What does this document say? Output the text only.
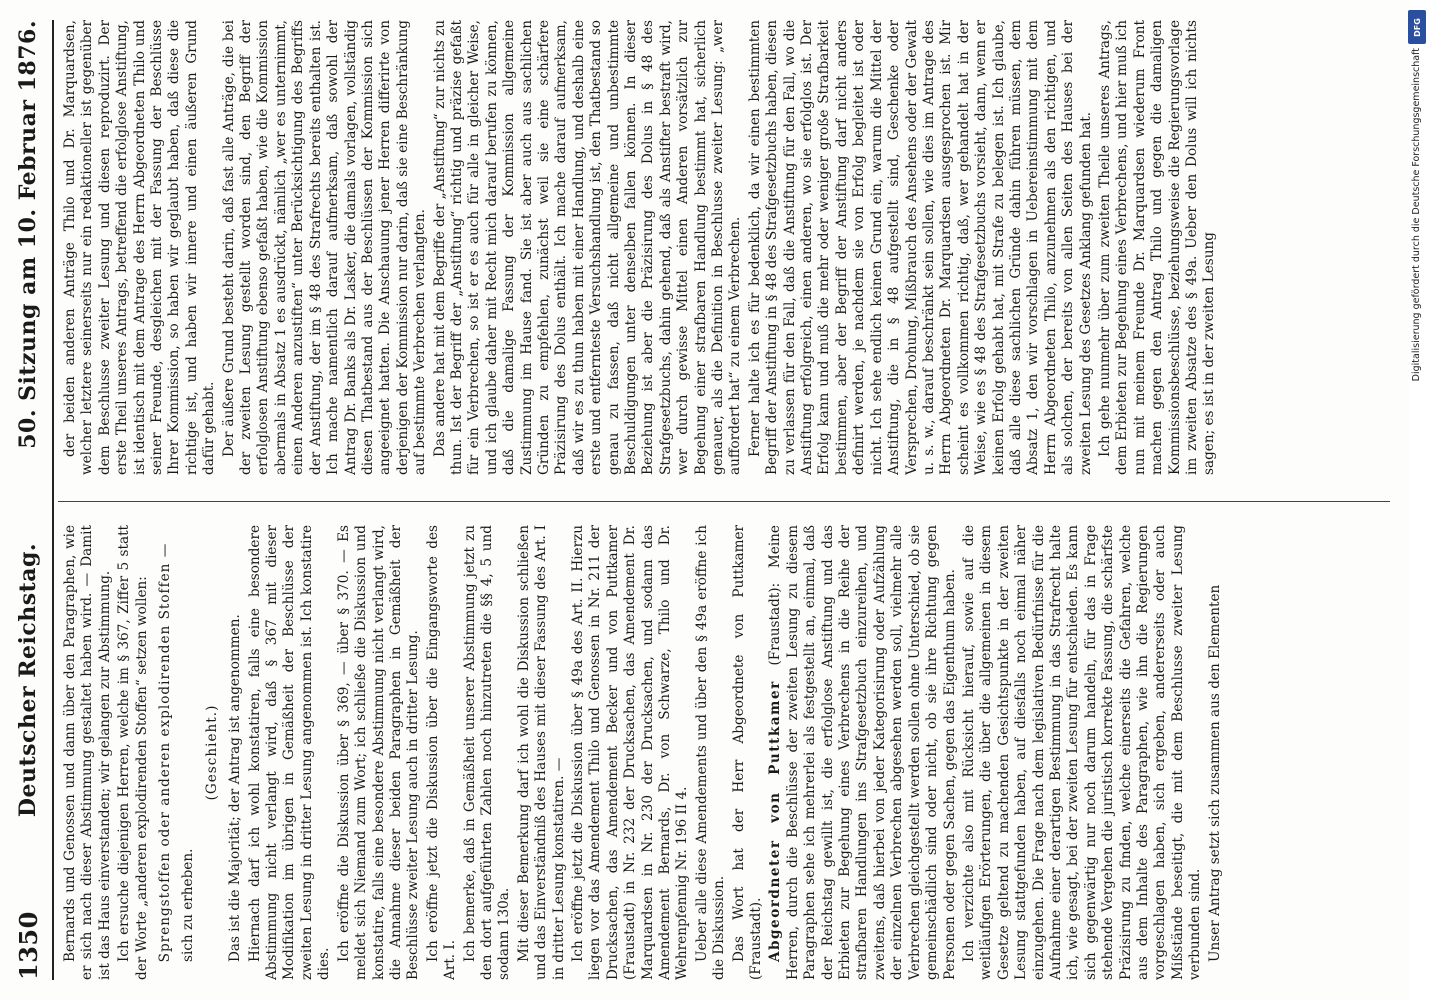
1350
Deutscher Reichstag.
50. Sitzung am 10. Februar 1876.
Bernards und Genossen und dann über den Paragraphen, wie er sich nach dieser Abstimmung gestaltet haben wird. — Damit ist das Haus einverstanden; wir gelangen zur Abstimmung. Ich ersuche diejenigen Herren, welche im § 367, Ziffer 5 statt der Worte „anderen explodirenden Stoffen“ setzen wollen: Sprengstoffen oder anderen explodirenden Stoffen — sich zu erheben.
(Geschieht.) Das ist die Majorität; der Antrag ist angenommen. Hiernach darf ich wohl konstatiren, falls eine besondere Abstimmung nicht verlangt wird, daß § 367 mit dieser Modifikation im übrigen in Gemäßheit der Beschlüsse der zweiten Lesung in dritter Lesung angenommen ist. Ich konstatire dies.
Ich eröffne die Diskussion über § 369, — über § 370. — Es meldet sich Niemand zum Wort; ich schließe die Diskussion und konstatire, falls eine besondere Abstimmung nicht verlangt wird, die Annahme dieser beiden Paragraphen in Gemäßheit der Beschlüsse zweiter Lesung auch in dritter Lesung. Ich eröffne jetzt die Diskussion über die Eingangsworte des Art. I. Ich bemerke, daß in Gemäßheit unserer Abstimmung jetzt zu den dort aufgeführten Zahlen noch hinzutreten die §§ 4, 5 und sodann 130a. Mit dieser Bemerkung darf ich wohl die Diskussion schließen und das Einverständniß des Hauses mit dieser Fassung des Art. I in dritter Lesung konstatiren. — Ich eröffne jetzt die Diskussion über § 49a des Art. II. Hierzu liegen vor das Amendement Thilo und Genossen in Nr. 211 der Drucksachen, das Amendement Becker und von Puttkamer (Fraustadt) in Nr. 232 der Drucksachen, das Amendement Dr. Marquardsen in Nr. 230 der Drucksachen, und sodann das Amendement Bernards, Dr. von Schwarze, Thilo und Dr. Wehrenpfennig Nr. 196 II 4. Ueber alle diese Amendements und über den § 49a eröffne ich die Diskussion. Das Wort hat der Herr Abgeordnete von Puttkamer (Fraustadt). Abgeordneter von Puttkamer (Fraustadt): Meine Herren, durch die Beschlüsse der zweiten Lesung zu diesem Paragraphen sehe ich mehrerlei als festgestellt an, einmal, daß der Reichstag gewillt ist, die erfolglose Anstiftung und das Erbieten zur Begehung eines Verbrechens in die Reihe der strafbaren Handlungen ins Strafgesetzbuch einzureihen, und zweitens, daß hierbei von jeder Kategorisirung oder Aufzählung der einzelnen Verbrechen abgesehen werden soll, vielmehr alle Verbrechen gleichgestellt werden sollen ohne Unterschied, ob sie gemeinschädlich sind oder nicht, ob sie ihre Richtung gegen Personen oder gegen Sachen, gegen das Eigenthum haben. Ich verzichte also mit Rücksicht hierauf, sowie auf die weitläufigen Erörterungen, die über die allgemeinen in diesem Gesetze geltend zu machenden Gesichtspunkte in der zweiten Lesung stattgefunden haben, auf diesfalls noch einmal näher einzugehen. Die Frage nach dem legislativen Bedürfnisse für die Aufnahme einer derartigen Bestimmung in das Strafrecht halte ich, wie gesagt, bei der zweiten Lesung für entschieden. Es kann sich gegenwärtig nur noch darum handeln, für das in Frage stehende Vergehen die juristisch korrekte Fassung, die schärfste Präzisirung zu finden, welche einerseits die Gefahren, welche aus dem Inhalte des Paragraphen, wie ihn die Regierungen vorgeschlagen haben, sich ergeben, andererseits oder auch Mißstände beseitigt, die mit dem Beschlusse zweiter Lesung verbunden sind. Unser Antrag setzt sich zusammen aus den Elementen
der beiden anderen Anträge Thilo und Dr. Marquardsen, welcher letztere seinerseits nur ein redaktioneller ist gegenüber dem Beschlusse zweiter Lesung und diesen reproduzirt. Der erste Theil unseres Antrags, betreffend die erfolglose Anstiftung, ist identisch mit dem Antrage des Herrn Abgeordneten Thilo und seiner Freunde, desgleichen mit der Fassung der Beschlüsse Ihrer Kommission, so haben wir geglaubt haben, daß diese die richtige ist, und haben wir innere und einen äußeren Grund dafür gehabt. Der äußere Grund besteht darin, daß fast alle Anträge, die bei der zweiten Lesung gestellt worden sind, den Begriff der erfolglosen Anstiftung ebenso gefaßt haben, wie die Kommission abermals in Absatz 1 es ausdrückt, nämlich „wer es unternimmt, einen Anderen anzustiften“ unter Berücksichtigung des Begriffs der Anstiftung, der im § 48 des Strafrechts bereits enthalten ist. Ich mache namentlich darauf aufmerksam, daß sowohl der Antrag Dr. Banks als Dr. Lasker, die damals vorlagen, vollständig diesen Thatbestand aus der Beschlüssen der Kommission sich angeeignet hatten. Die Anschauung jener Herren differirte von derjenigen der Kommission nur darin, daß sie eine Beschränkung auf bestimmte Verbrechen verlangten. Das andere hat mit dem Begriffe der „Anstiftung“ zur nichts zu thun. Ist der Begriff der „Anstiftung“ richtig und präzise gefaßt für ein Verbrechen, so ist er es auch für alle in gleicher Weise, und ich glaube daher mit Recht mich darauf berufen zu können, daß die damalige Fassung der Kommission allgemeine Zustimmung im Hause fand. Sie ist aber auch aus sachlichen Gründen zu empfehlen, zunächst weil sie eine schärfere Präzisirung des Dolus enthält. Ich mache darauf aufmerksam, daß wir es zu thun haben mit einer Handlung, und deshalb eine erste und entfernteste Versuchshandlung ist, den Thatbestand so genau zu fassen, daß nicht allgemeine und unbestimmte Beschuldigungen unter denselben fallen können. In dieser Beziehung ist aber die Präzisirung des Dolus in § 48 des Strafgesetzbuchs, dahin gehend, daß als Anstifter bestraft wird, wer durch gewisse Mittel einen Anderen vorsätzlich zur Begehung einer strafbaren Handlung bestimmt hat, sicherlich genauer, als die Definition in Beschlusse zweiter Lesung: „wer auffordert hat“ zu einem Verbrechen. Ferner halte ich es für bedenklich, da wir einen bestimmten Begriff der Anstiftung in § 48 des Strafgesetzbuchs haben, diesen zu verlassen für den Fall, daß die Anstiftung für den Fall, wo die Anstiftung erfolgreich, einen anderen, wo sie erfolglos ist. Der Erfolg kann und muß die mehr oder weniger große Strafbarkeit bestimmen, aber der Begriff der Anstiftung darf nicht anders definirt werden, je nachdem sie von Erfolg begleitet ist oder nicht. Ich sehe endlich keinen Grund ein, warum die Mittel der Anstiftung, die in § 48 aufgestellt sind, Geschenke oder Versprechen, Drohung, Mißbrauch des Ansehens oder der Gewalt u. s. w., darauf beschränkt sein sollen, wie dies im Antrage des Herrn Abgeordneten Dr. Marquardsen ausgesprochen ist. Mir scheint es vollkommen richtig, daß, wer gehandelt hat in der Weise, wie es § 48 des Strafgesetzbuchs vorsieht, dann, wenn er keinen Erfolg gehabt hat, mit Strafe zu belegen ist. Ich glaube, daß alle diese sachlichen Gründe dahin führen müssen, dem Absatz 1, den wir vorschlagen in Uebereinstimmung mit dem Herrn Abgeordneten Thilo, anzunehmen als den richtigen, und als solchen, der bereits von allen Seiten des Hauses bei der zweiten Lesung des Gesetzes Anklang gefunden hat. Ich gehe nunmehr über zum zweiten Theile unseres Antrags, dem Erbieten zur Begehung eines Verbrechens, und hier muß ich nun mit meinem Freunde Dr. Marquardsen wiederum Front machen gegen den Antrag Thilo und gegen die damaligen Kommissionsbeschlüsse, beziehungsweise die Regierungsvorlage im zweiten Absatze des § 49a. Ueber den Dolus will ich nichts sagen; es ist in der zweiten Lesung	Digitalisierung gefördert durch die Deutsche Forschungsgemeinschaft
DFG
